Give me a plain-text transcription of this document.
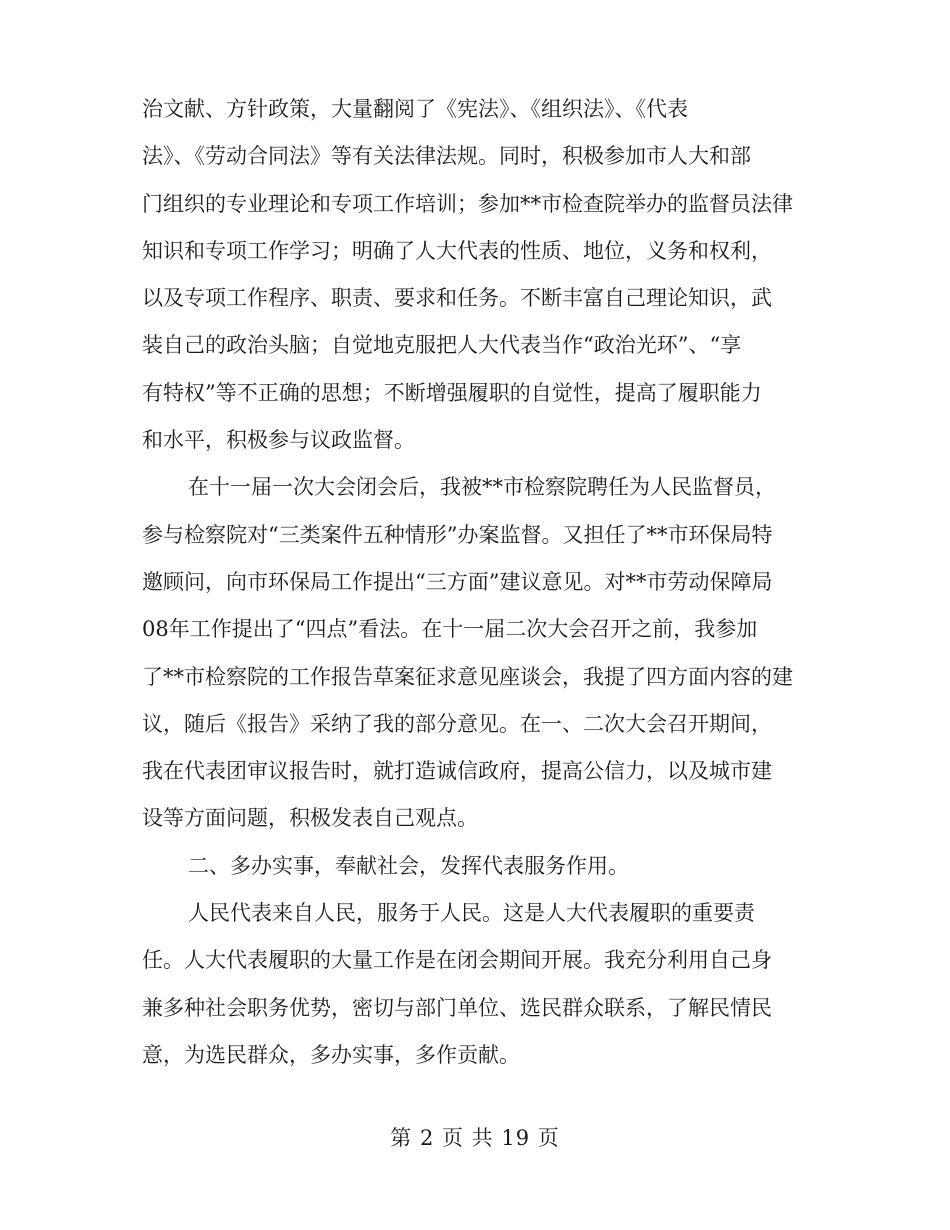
治文献、方针政策，大量翻阅了《宪法》、《组织法》、《代表
法》、《劳动合同法》等有关法律法规。同时，积极参加市人大和部
门组织的专业理论和专项工作培训；参加**市检查院举办的监督员法律
知识和专项工作学习；明确了人大代表的性质、地位，义务和权利，
以及专项工作程序、职责、要求和任务。不断丰富自己理论知识，武
装自己的政治头脑；自觉地克服把人大代表当作“政治光环”、“享
有特权”等不正确的思想；不断增强履职的自觉性，提高了履职能力
和水平，积极参与议政监督。
在十一届一次大会闭会后，我被**市检察院聘任为人民监督员，
参与检察院对“三类案件五种情形”办案监督。又担任了**市环保局特
邀顾问，向市环保局工作提出“三方面”建议意见。对**市劳动保障局
08年工作提出了“四点”看法。在十一届二次大会召开之前，我参加
了**市检察院的工作报告草案征求意见座谈会，我提了四方面内容的建
议，随后《报告》采纳了我的部分意见。在一、二次大会召开期间，
我在代表团审议报告时，就打造诚信政府，提高公信力，以及城市建
设等方面问题，积极发表自己观点。
二、多办实事，奉献社会，发挥代表服务作用。
人民代表来自人民，服务于人民。这是人大代表履职的重要责
任。人大代表履职的大量工作是在闭会期间开展。我充分利用自己身
兼多种社会职务优势，密切与部门单位、选民群众联系，了解民情民
意，为选民群众，多办实事，多作贡献。
第 2 页 共 19 页
